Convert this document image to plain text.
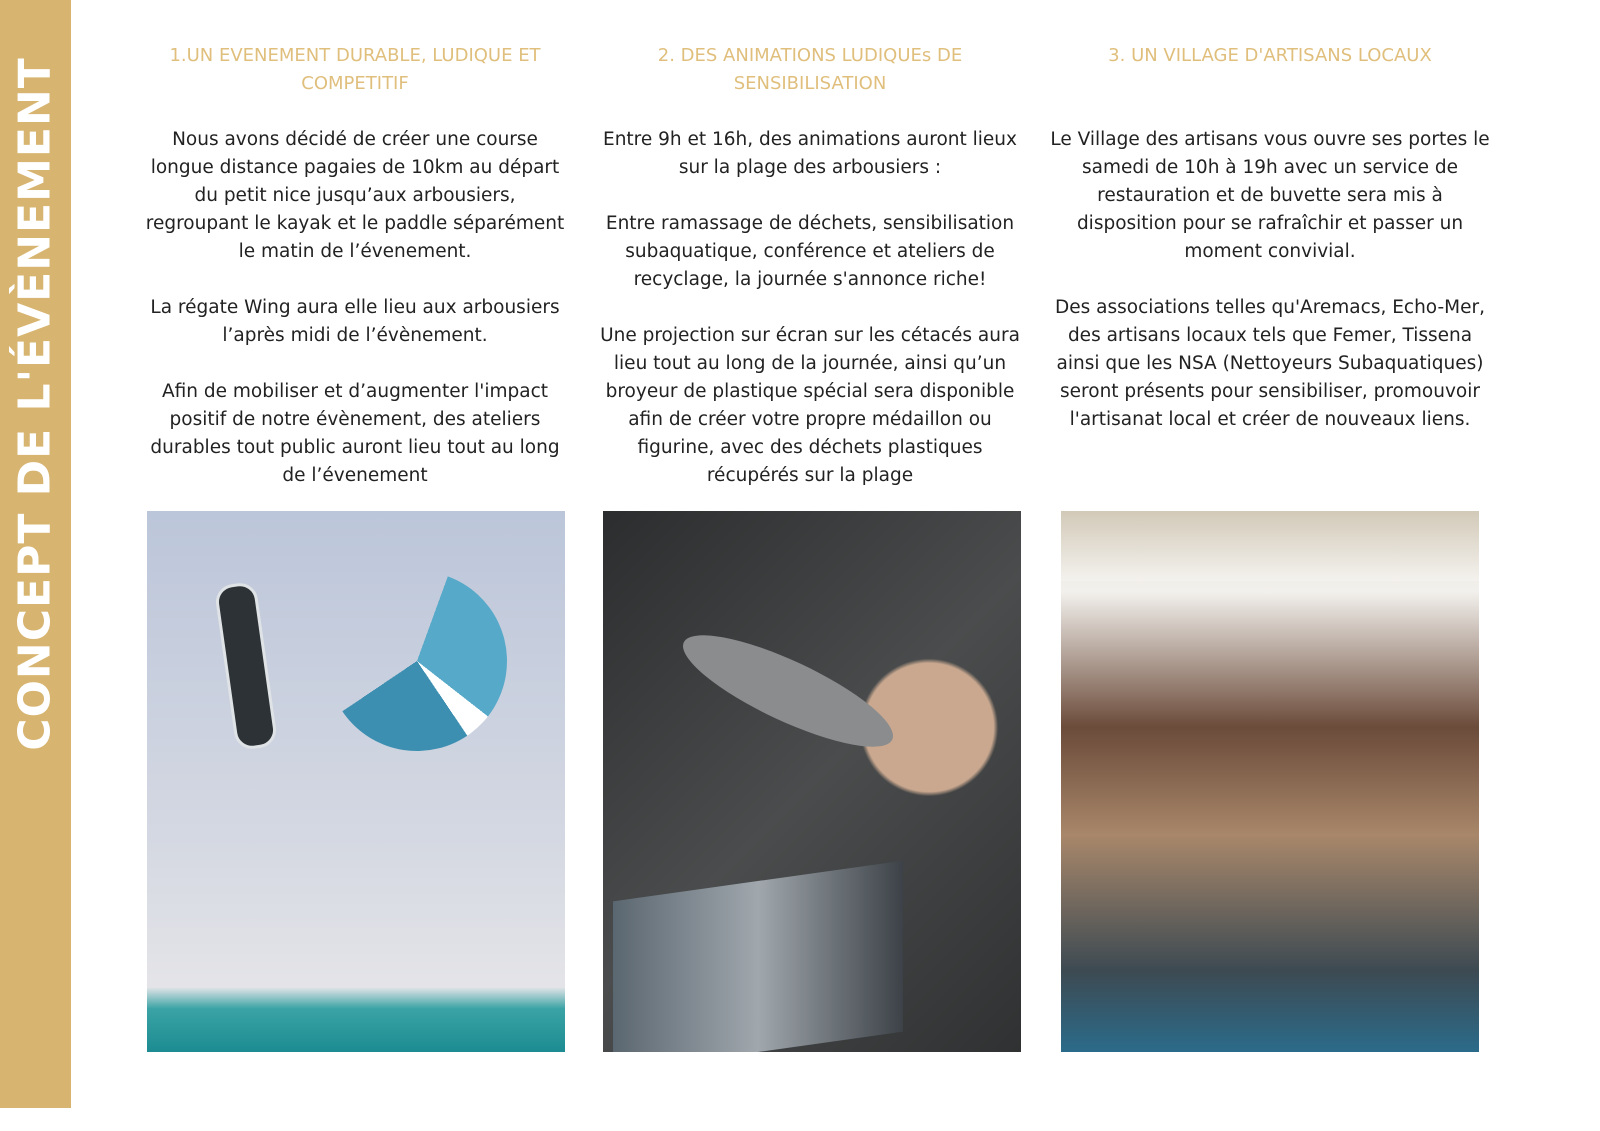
CONCEPT DE L'ÉVÈNEMENT
1.UN EVENEMENT DURABLE, LUDIQUE ET
COMPETITIF

Nous avons décidé de créer une course
longue distance pagaies de 10km au départ
du petit nice jusqu’aux arbousiers,
regroupant le kayak et le paddle séparément
le matin de l’évenement.

La régate Wing aura elle lieu aux arbousiers
l’après midi de l’évènement.

Afin de mobiliser et d’augmenter l'impact
positif de notre évènement, des ateliers
durables tout public auront lieu tout au long
de l’évenement

2. DES ANIMATIONS LUDIQUEs DE
SENSIBILISATION

Entre 9h et 16h, des animations auront lieux
sur la plage des arbousiers :

Entre ramassage de déchets, sensibilisation
subaquatique, conférence et ateliers de
recyclage, la journée s'annonce riche!

Une projection sur écran sur les cétacés aura
lieu tout au long de la journée, ainsi qu’un
broyeur de plastique spécial sera disponible
afin de créer votre propre médaillon ou
figurine, avec des déchets plastiques
récupérés sur la plage

3. UN VILLAGE D'ARTISANS LOCAUX

Le Village des artisans vous ouvre ses portes le
samedi de 10h à 19h avec un service de
restauration et de buvette sera mis à
disposition pour se rafraîchir et passer un
moment convivial.

Des associations telles qu'Aremacs, Echo-Mer,
des artisans locaux tels que Femer, Tissena
ainsi que les NSA (Nettoyeurs Subaquatiques)
seront présents pour sensibiliser, promouvoir
l'artisanat local et créer de nouveaux liens.
